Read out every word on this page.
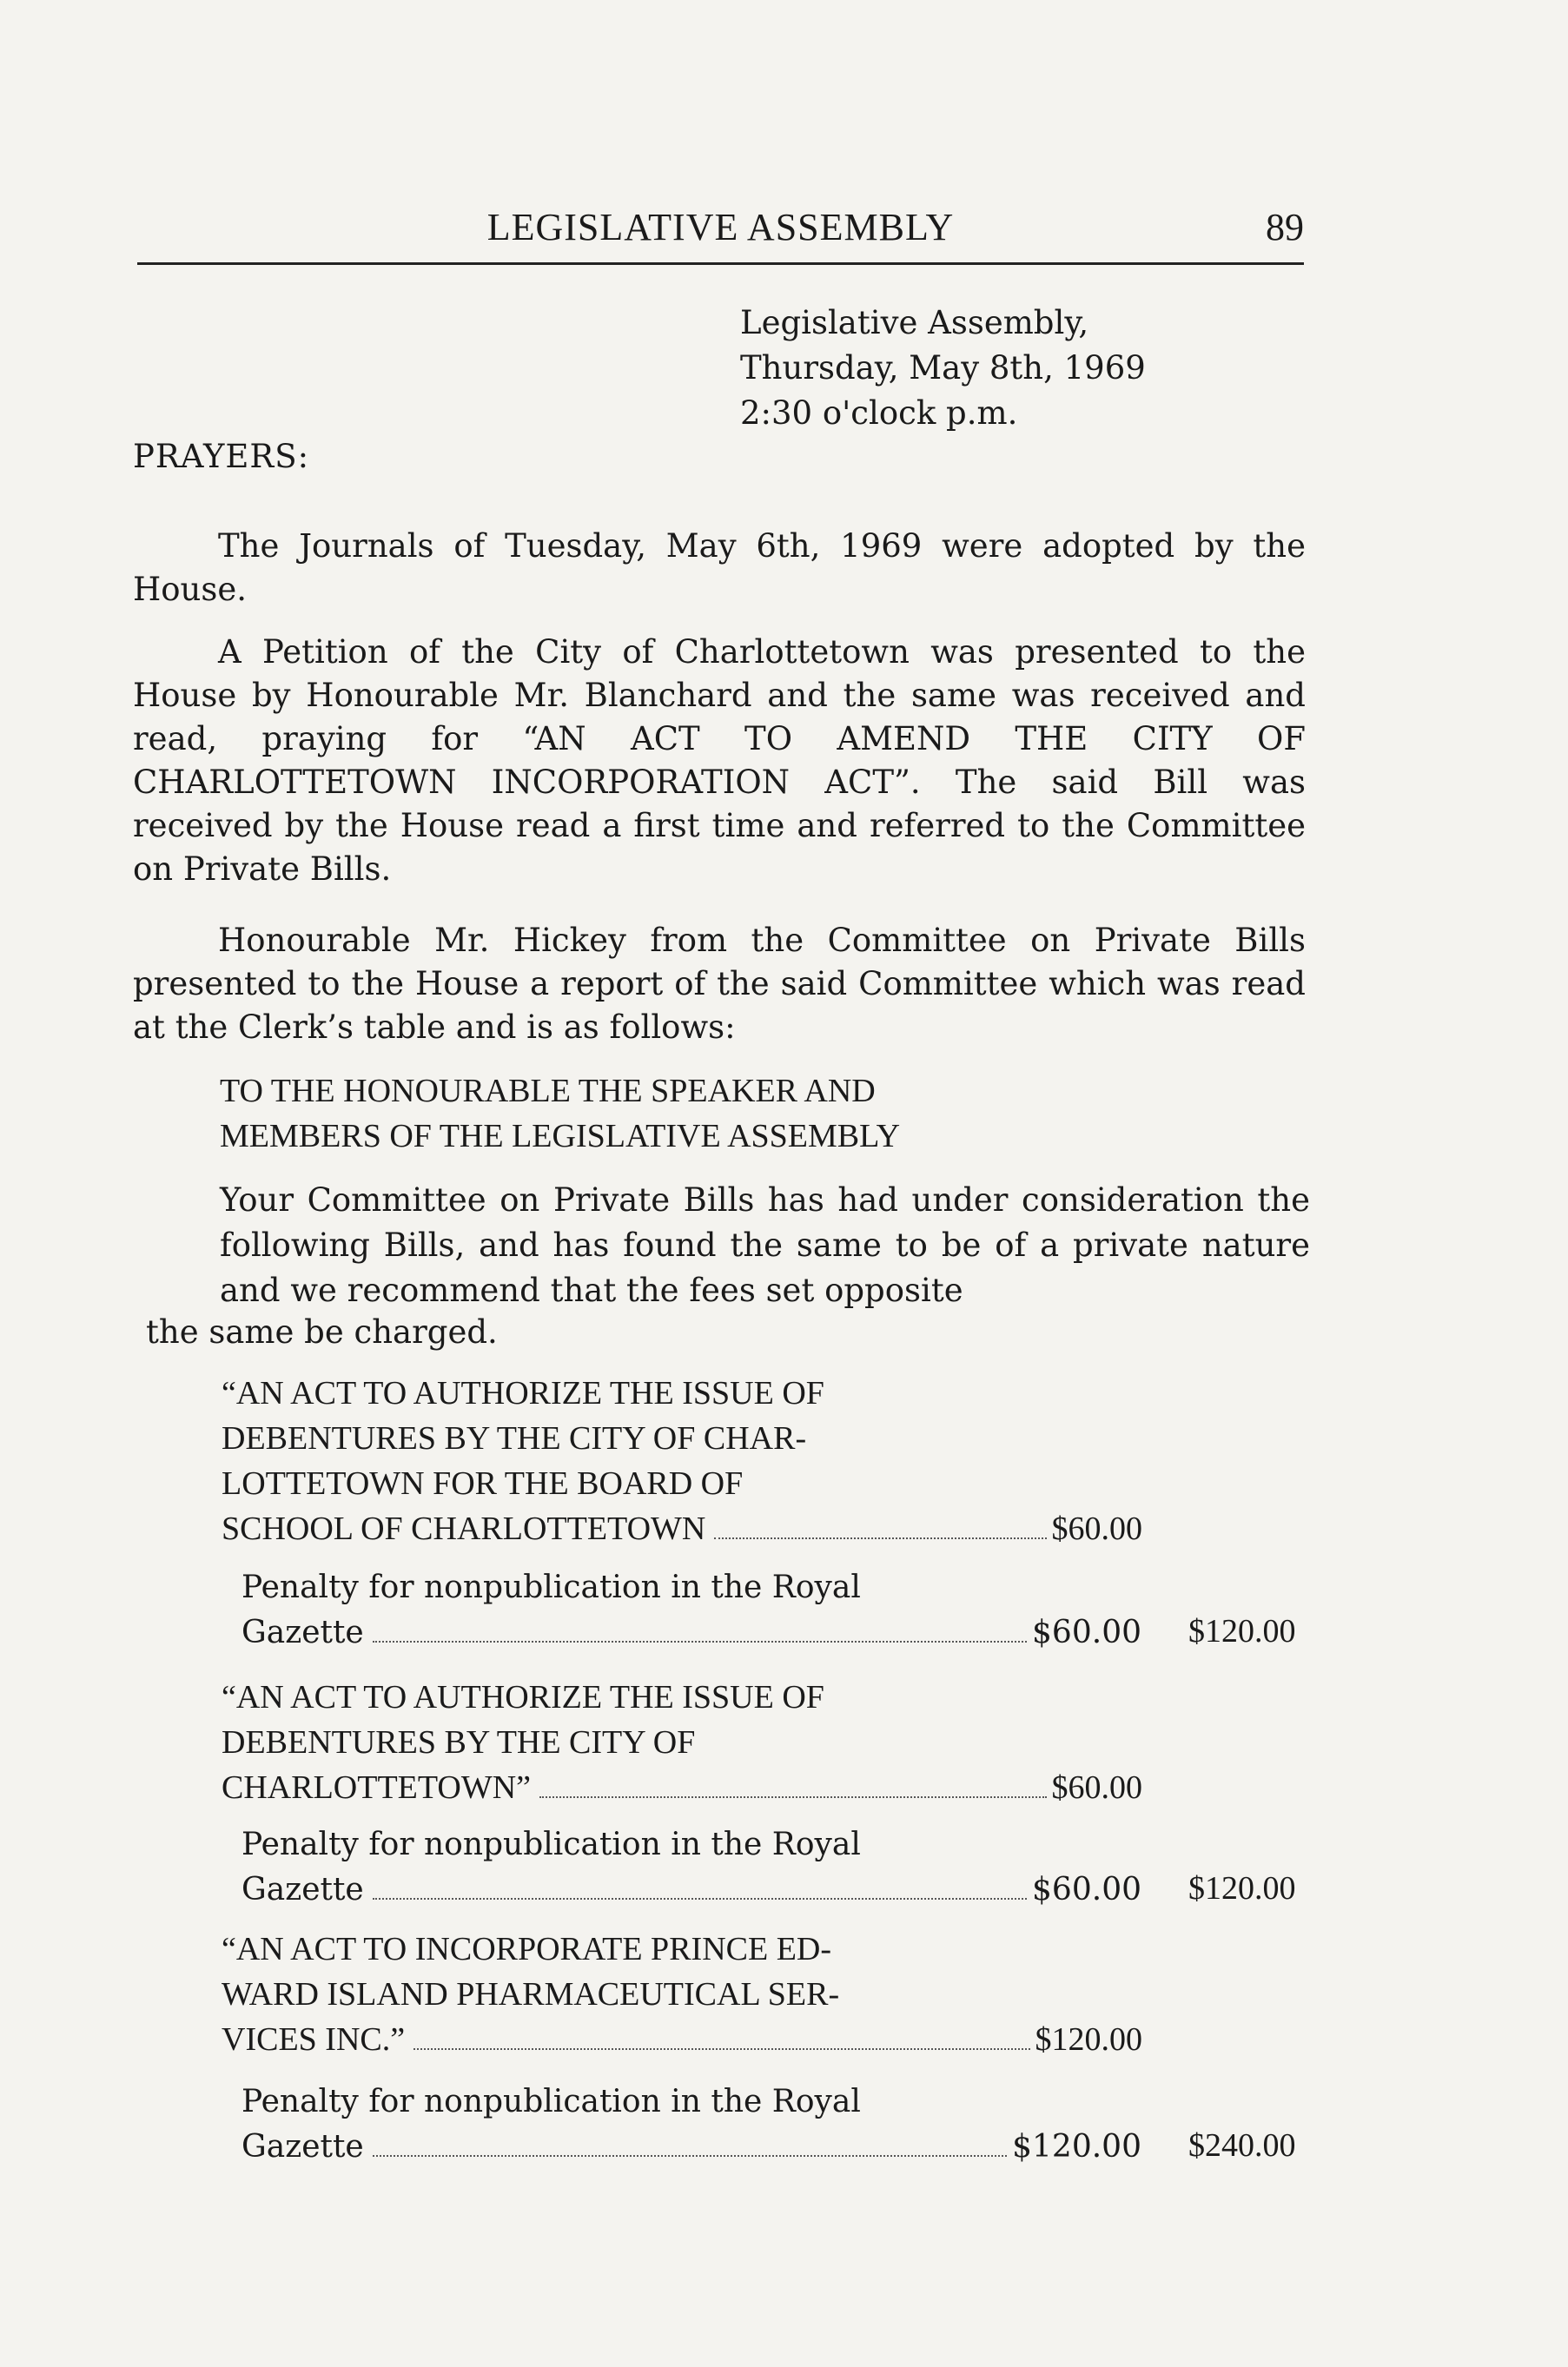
LEGISLATIVE ASSEMBLY	89
Legislative Assembly,
Thursday, May 8th, 1969
2:30 o'clock p.m.
PRAYERS:
The Journals of Tuesday, May 6th, 1969 were adopted by the House.
A Petition of the City of Charlottetown was presented to the House by Honourable Mr. Blanchard and the same was received and read, praying for “AN ACT TO AMEND THE CITY OF CHARLOTTETOWN INCORPORATION ACT”. The said Bill was received by the House read a first time and referred to the Committee on Private Bills.
Honourable Mr. Hickey from the Committee on Private Bills presented to the House a report of the said Committee which was read at the Clerk’s table and is as follows:
TO THE HONOURABLE THE SPEAKER AND
MEMBERS OF THE LEGISLATIVE ASSEMBLY
Your Committee on Private Bills has had under consideration the following Bills, and has found the same to be of a private nature and we recommend that the fees set opposite
the same be charged.
“AN ACT TO AUTHORIZE THE ISSUE OF
DEBENTURES BY THE CITY OF CHAR-
LOTTETOWN FOR THE BOARD OF
SCHOOL OF CHARLOTTETOWN	$60.00
Penalty for nonpublication in the Royal
Gazette	$60.00 $120.00
“AN ACT TO AUTHORIZE THE ISSUE OF
DEBENTURES BY THE CITY OF
CHARLOTTETOWN”	$60.00
Penalty for nonpublication in the Royal
Gazette	$60.00 $120.00
“AN ACT TO INCORPORATE PRINCE ED-
WARD ISLAND PHARMACEUTICAL SER-
VICES INC.”	$120.00
Penalty for nonpublication in the Royal
Gazette	$120.00 $240.00
